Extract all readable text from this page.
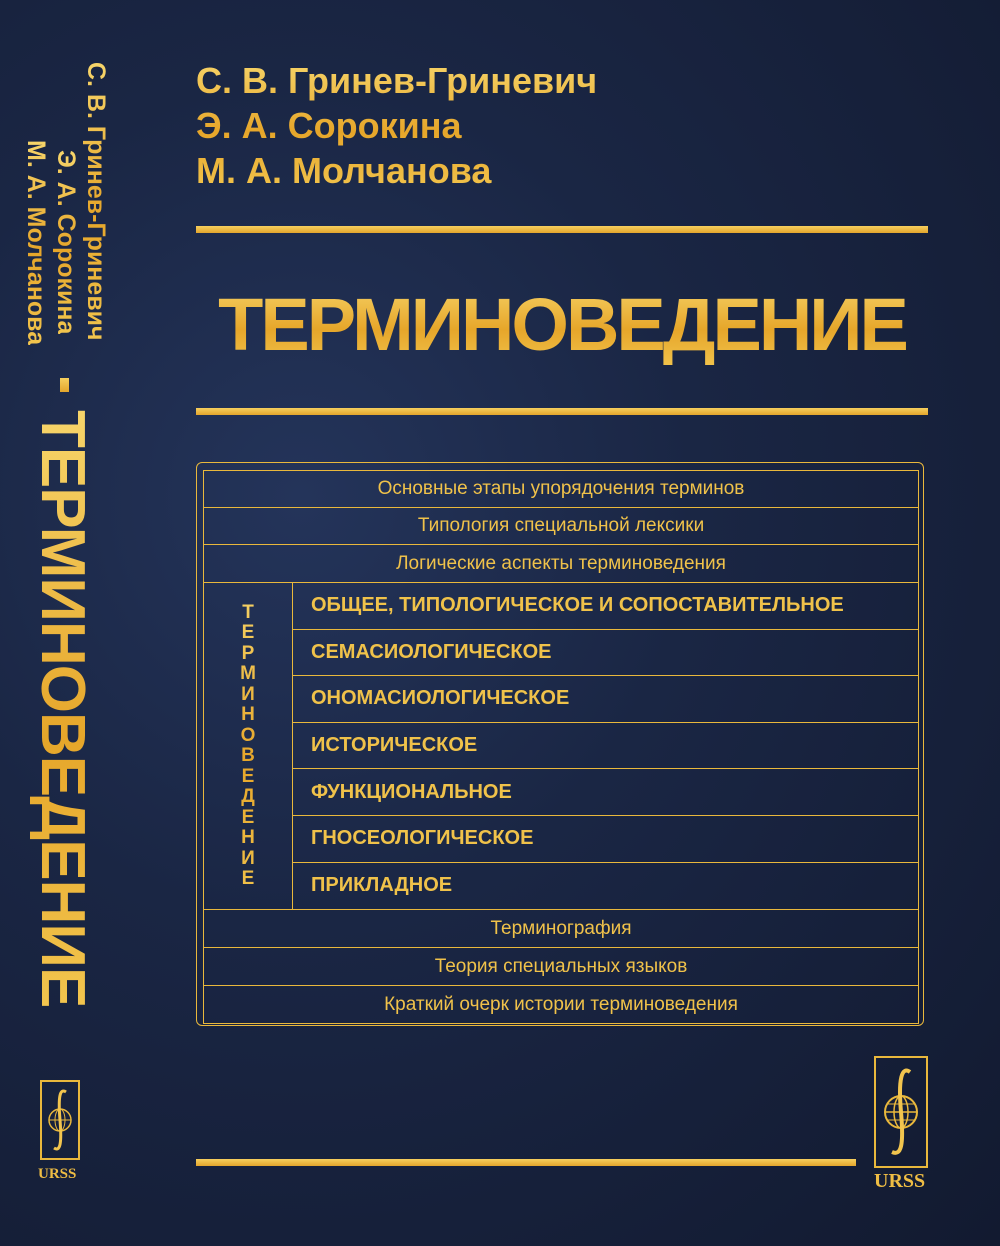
С. В. Гринев-Гриневич
Э. А. Сорокина
М. А. Молчанова
ТЕРМИНОВЕДЕНИЕ
URSS
С. В. Гринев-Гриневич
Э. А. Сорокина
М. А. Молчанова
ТЕРМИНОВЕДЕНИЕ
Основные этапы упорядочения терминов
Типология специальной лексики
Логические аспекты терминоведения
Т
Е
Р
М
И
Н
О
В
Е
Д
Е
Н
И
Е
ОБЩЕЕ, ТИПОЛОГИЧЕСКОЕ И СОПОСТАВИТЕЛЬНОЕ
СЕМАСИОЛОГИЧЕСКОЕ
ОНОМАСИОЛОГИЧЕСКОЕ
ИСТОРИЧЕСКОЕ
ФУНКЦИОНАЛЬНОЕ
ГНОСЕОЛОГИЧЕСКОЕ
ПРИКЛАДНОЕ
Терминография
Теория специальных языков
Краткий очерк истории терминоведения
URSS
